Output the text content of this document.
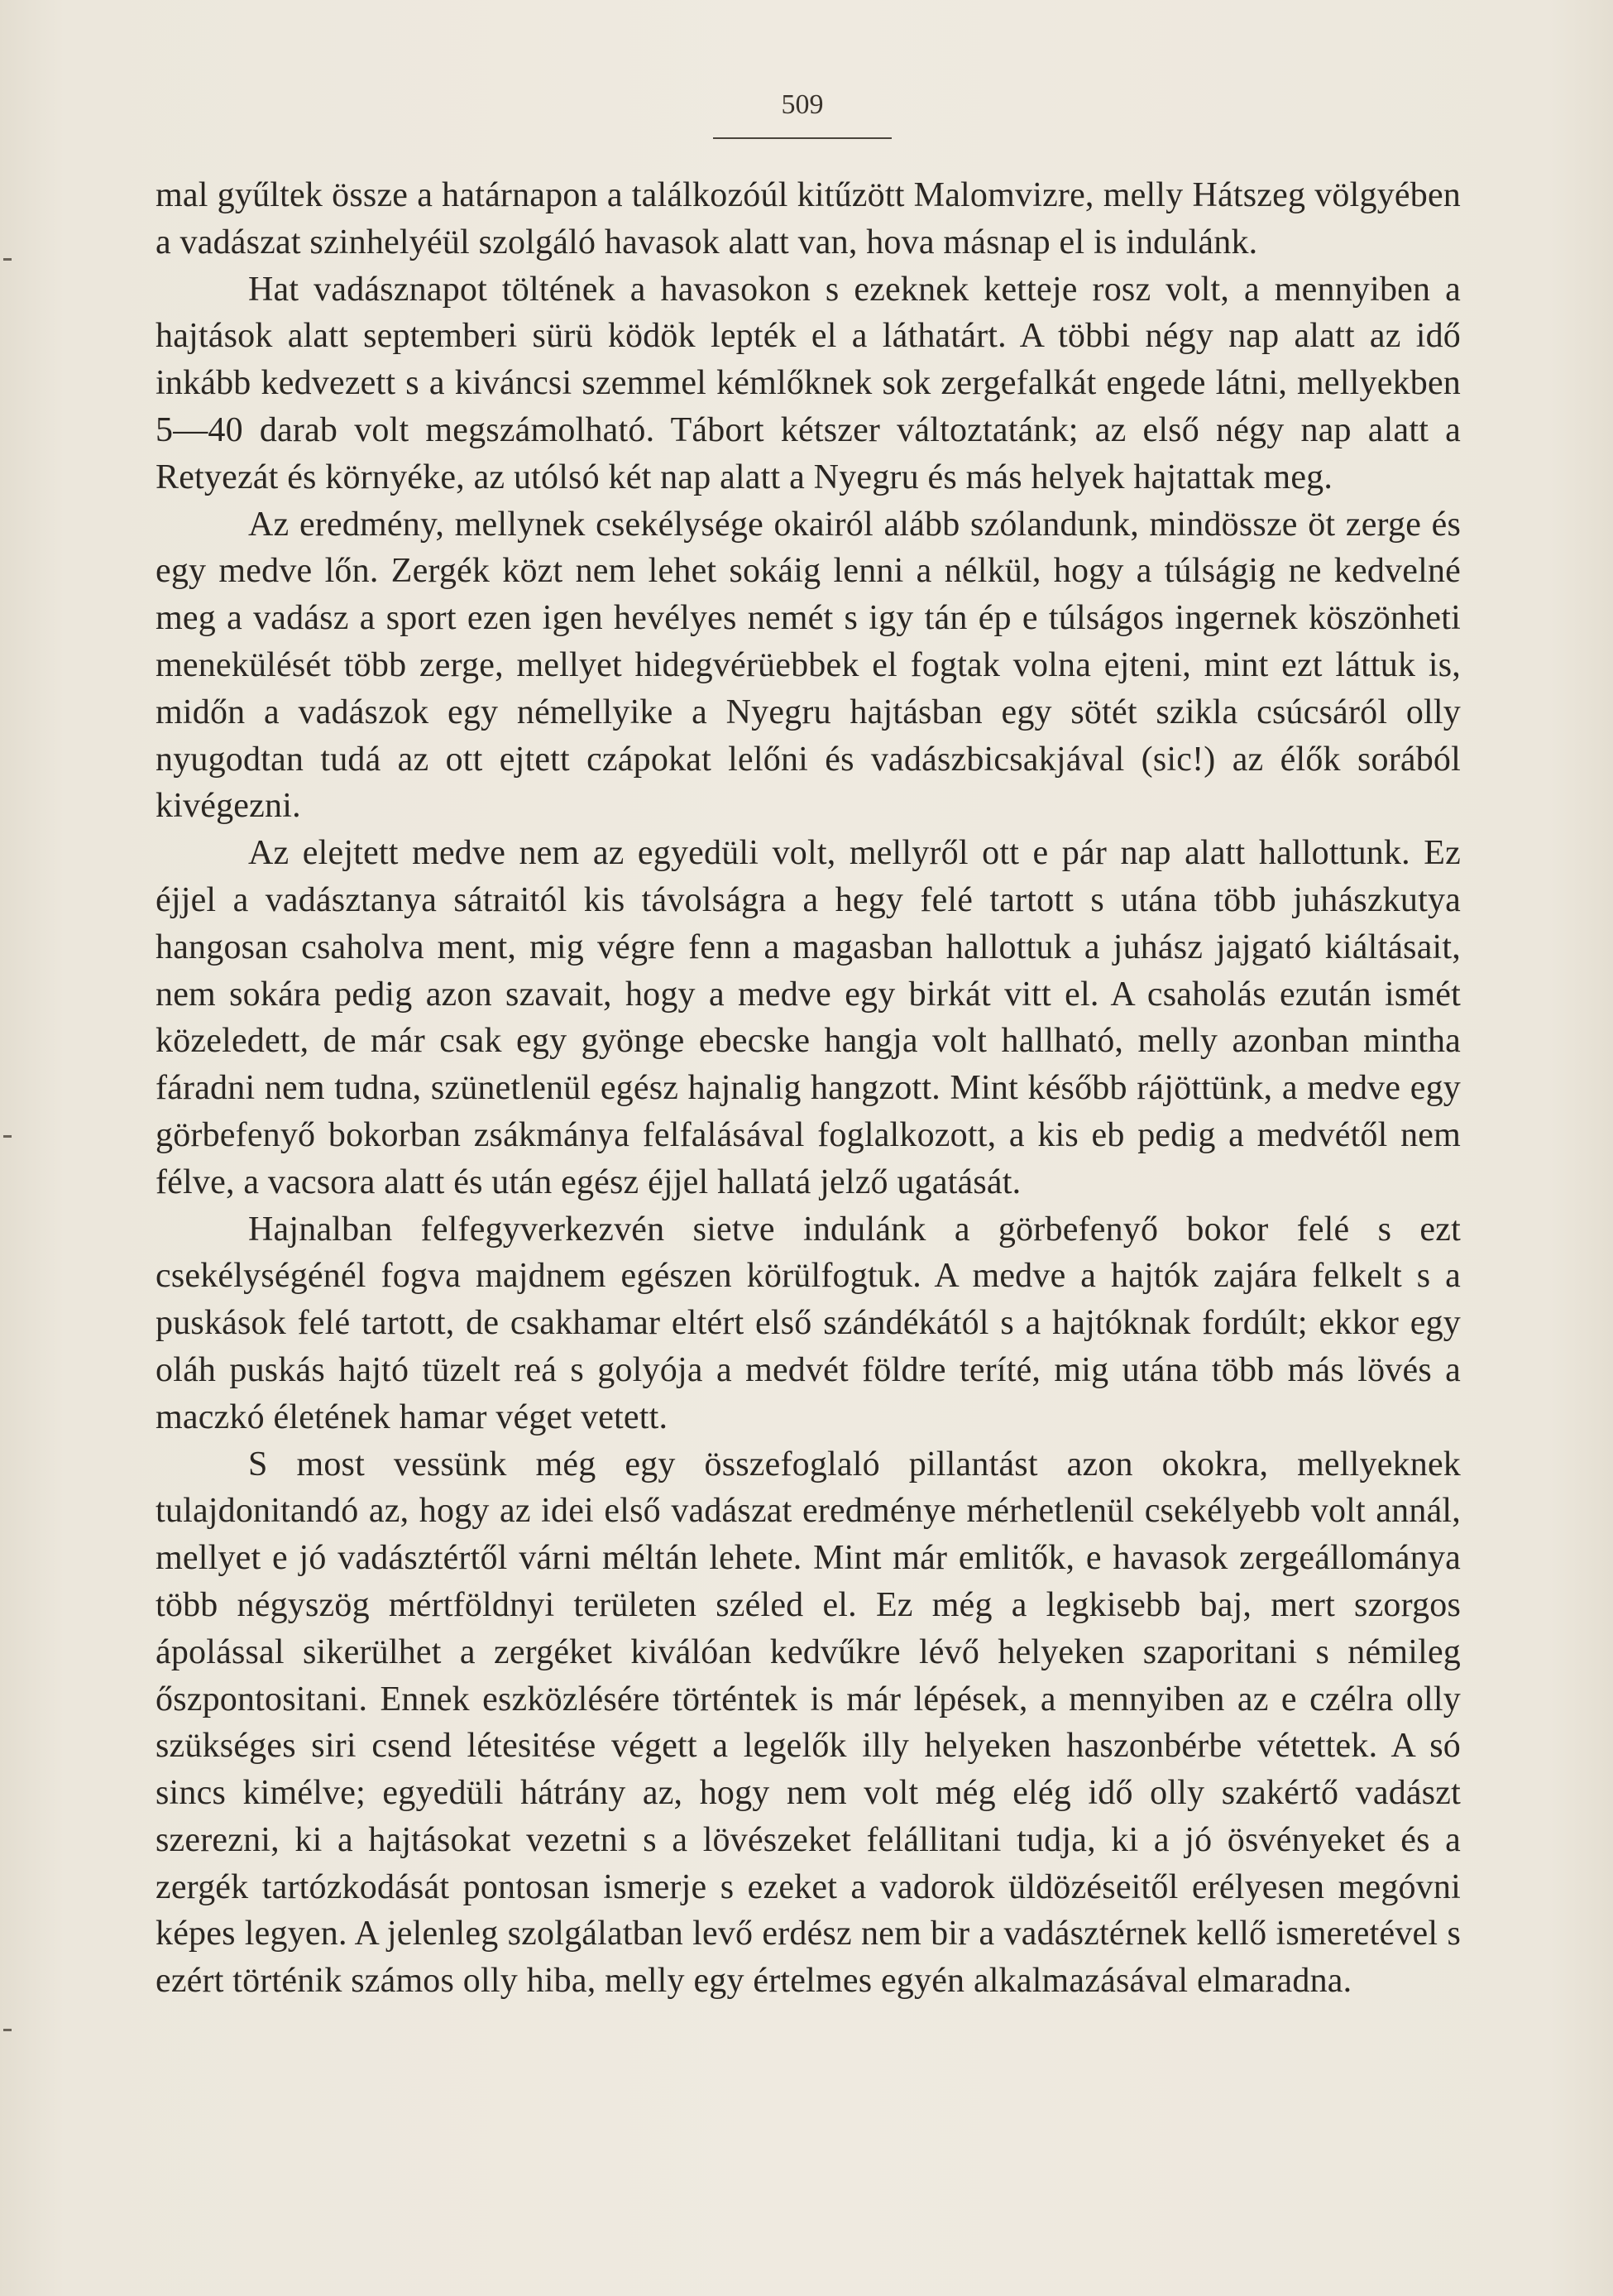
509

mal gyűltek össze a határnapon a találkozóúl kitűzött Malomvizre, melly Hátszeg völgyében a vadászat szinhelyéül szolgáló havasok alatt van, hova másnap el is indulánk.

Hat vadásznapot töltének a havasokon s ezeknek ketteje rosz volt, a mennyiben a hajtások alatt septemberi sürü ködök lepték el a láthatárt. A többi négy nap alatt az idő inkább kedvezett s a kiváncsi szemmel kémlőknek sok zergefalkát engede látni, mellyekben 5—40 darab volt megszámolható. Tábort kétszer változtatánk; az első négy nap alatt a Retyezát és környéke, az utólsó két nap alatt a Nyegru és más helyek hajtattak meg.

Az eredmény, mellynek csekélysége okairól alább szólandunk, mindössze öt zerge és egy medve lőn. Zergék közt nem lehet sokáig lenni a nélkül, hogy a túlságig ne kedvelné meg a vadász a sport ezen igen hevélyes nemét s igy tán ép e túlságos ingernek köszönheti menekülését több zerge, mellyet hidegvérüebbek el fogtak volna ejteni, mint ezt láttuk is, midőn a vadászok egy némellyike a Nyegru hajtásban egy sötét szikla csúcsáról olly nyugodtan tudá az ott ejtett czápokat lelőni és vadászbicsakjával (sic!) az élők sorából kivégezni.

Az elejtett medve nem az egyedüli volt, mellyről ott e pár nap alatt hallottunk. Ez éjjel a vadásztanya sátraitól kis távolságra a hegy felé tartott s utána több juhászkutya hangosan csaholva ment, mig végre fenn a magasban hallottuk a juhász jajgató kiáltásait, nem sokára pedig azon szavait, hogy a medve egy birkát vitt el. A csaholás ezután ismét közeledett, de már csak egy gyönge ebecske hangja volt hallható, melly azonban mintha fáradni nem tudna, szünetlenül egész hajnalig hangzott. Mint később rájöttünk, a medve egy görbefenyő bokorban zsákmánya felfalásával foglalkozott, a kis eb pedig a medvétől nem félve, a vacsora alatt és után egész éjjel hallatá jelző ugatását.

Hajnalban felfegyverkezvén sietve indulánk a görbefenyő bokor felé s ezt csekélységénél fogva majdnem egészen körülfogtuk. A medve a hajtók zajára felkelt s a puskások felé tartott, de csakhamar eltért első szándékától s a hajtóknak fordúlt; ekkor egy oláh puskás hajtó tüzelt reá s golyója a medvét földre teríté, mig utána több más lövés a maczkó életének hamar véget vetett.

S most vessünk még egy összefoglaló pillantást azon okokra, mellyeknek tulajdonitandó az, hogy az idei első vadászat eredménye mérhetlenül csekélyebb volt annál, mellyet e jó vadásztértől várni méltán lehete. Mint már emlitők, e havasok zergeállománya több négyszög mértföldnyi területen széled el. Ez még a legkisebb baj, mert szorgos ápolással sikerülhet a zergéket kiválóan kedvűkre lévő helyeken szaporitani s némileg őszpontositani. Ennek eszközlésére történtek is már lépések, a mennyiben az e czélra olly szükséges siri csend létesitése végett a legelők illy helyeken haszonbérbe vétettek. A só sincs kimélve; egyedüli hátrány az, hogy nem volt még elég idő olly szakértő vadászt szerezni, ki a hajtásokat vezetni s a lövészeket felállitani tudja, ki a jó ösvényeket és a zergék tartózkodását pontosan ismerje s ezeket a vadorok üldözéseitől erélyesen megóvni képes legyen. A jelenleg szolgálatban levő erdész nem bir a vadásztérnek kellő ismeretével s ezért történik számos olly hiba, melly egy értelmes egyén alkalmazásával elmaradna.
